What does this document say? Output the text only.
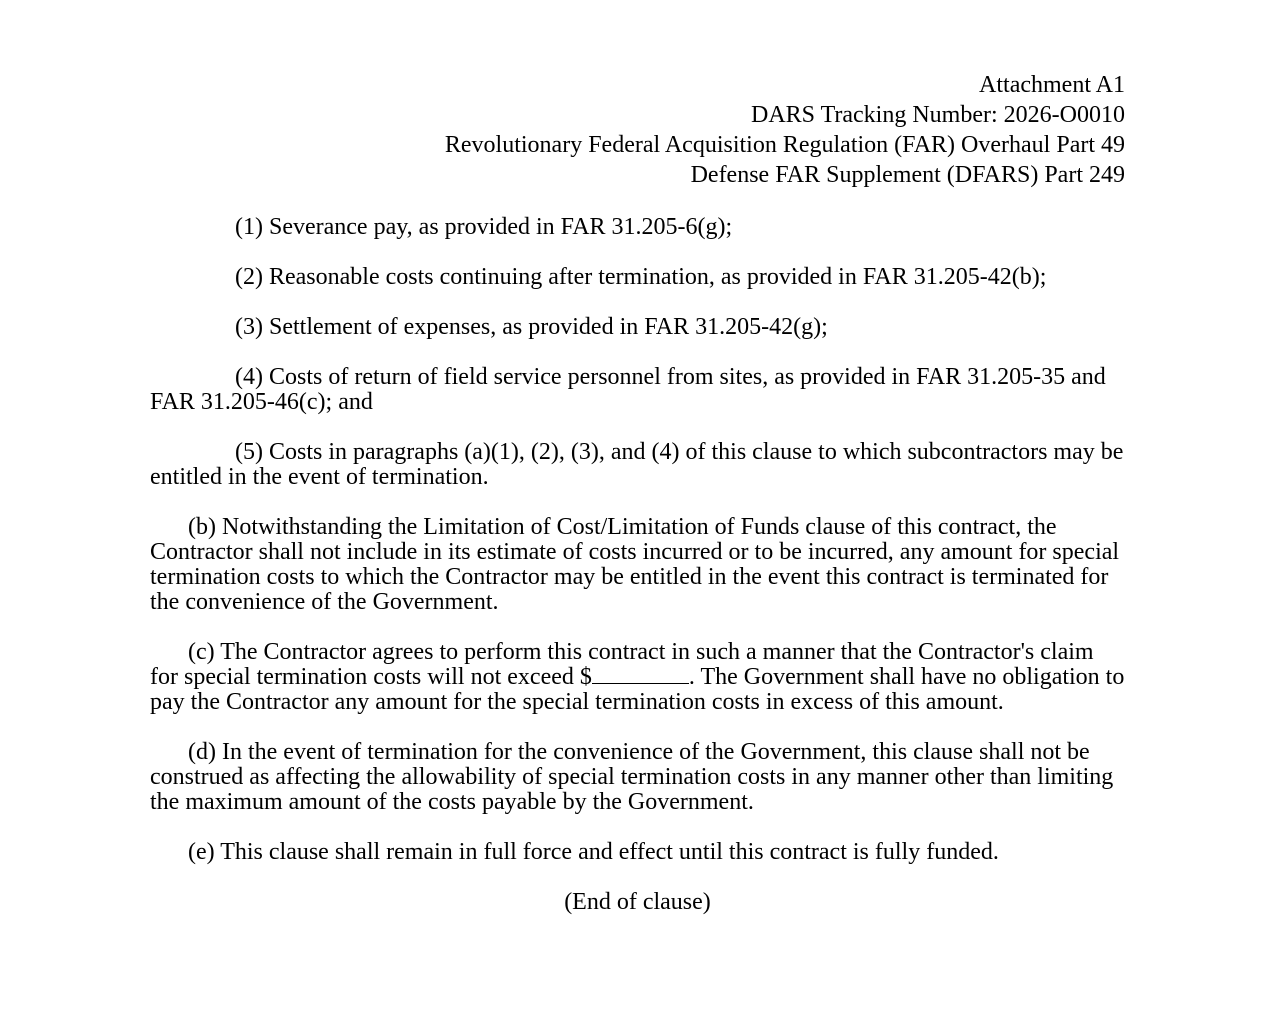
Attachment A1
DARS Tracking Number: 2026-O0010
Revolutionary Federal Acquisition Regulation (FAR) Overhaul Part 49
Defense FAR Supplement (DFARS) Part 249

(1) Severance pay, as provided in FAR 31.205-6(g);

(2) Reasonable costs continuing after termination, as provided in FAR 31.205-42(b);

(3) Settlement of expenses, as provided in FAR 31.205-42(g);

(4) Costs of return of field service personnel from sites, as provided in FAR 31.205-35 and FAR 31.205-46(c); and

(5) Costs in paragraphs (a)(1), (2), (3), and (4) of this clause to which subcontractors may be entitled in the event of termination.

(b) Notwithstanding the Limitation of Cost/Limitation of Funds clause of this contract, the Contractor shall not include in its estimate of costs incurred or to be incurred, any amount for special termination costs to which the Contractor may be entitled in the event this contract is terminated for the convenience of the Government.

(c) The Contractor agrees to perform this contract in such a manner that the Contractor's claim for special termination costs will not exceed $	. The Government shall have no obligation to pay the Contractor any amount for the special termination costs in excess of this amount.

(d) In the event of termination for the convenience of the Government, this clause shall not be construed as affecting the allowability of special termination costs in any manner other than limiting the maximum amount of the costs payable by the Government.

(e) This clause shall remain in full force and effect until this contract is fully funded.

(End of clause)
